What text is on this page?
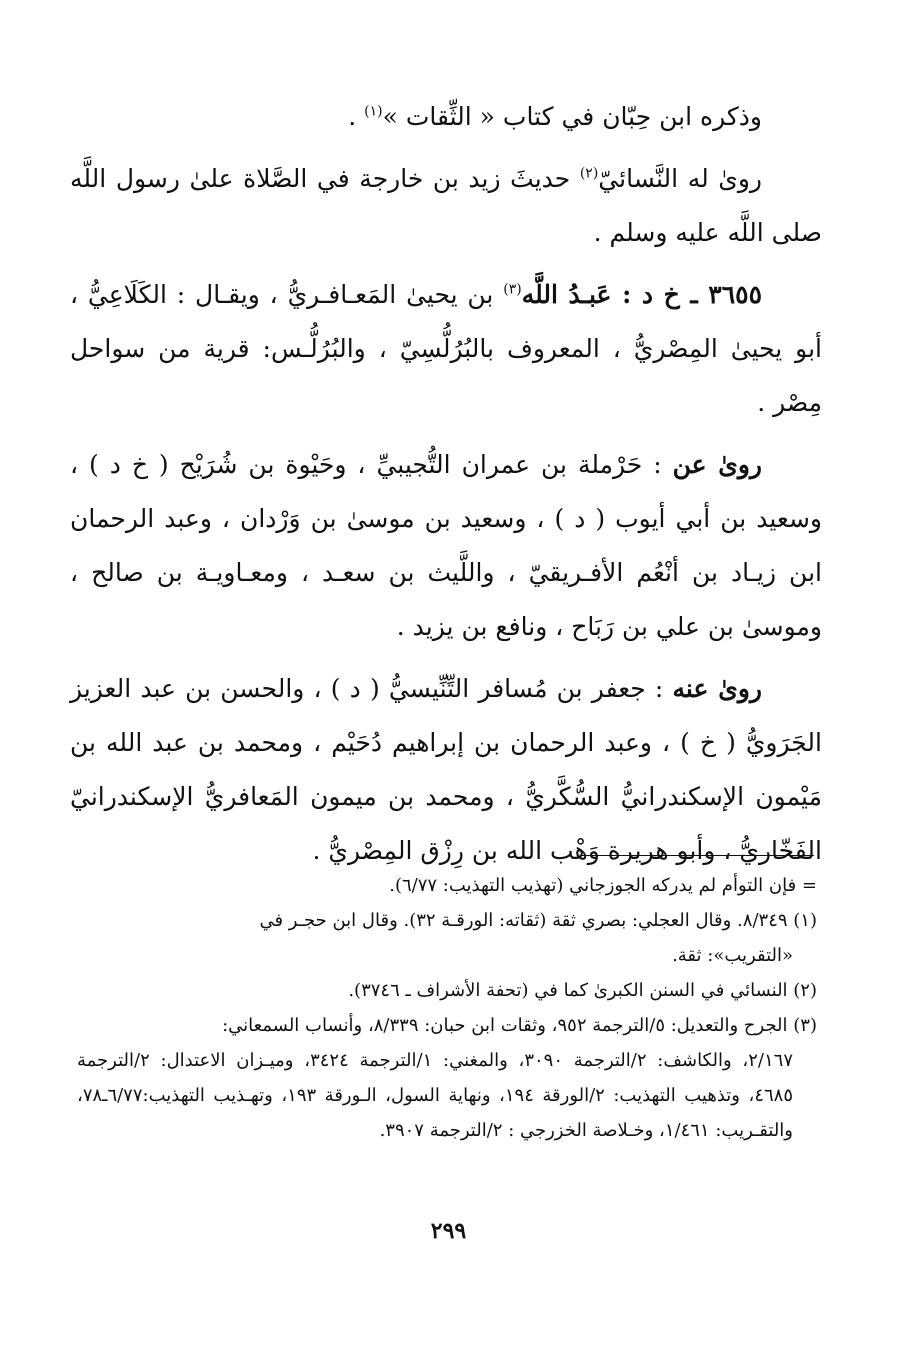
وذكره ابن حِبّان في كتاب « الثِّقات »$^{(١)}$ .

روىٰ له النَّسائيّ$^{(٢)}$ حديثَ زيد بن خارجة في الصَّلاة علىٰ رسول اللَّه صلى اللَّه عليه وسلم .

٣٦٥٥ ـ خ د : عَبـدُ اللَّه$^{(٣)}$ بن يحيىٰ المَعـافـريُّ ، ويقـال : الكَلَاعِيُّ ، أبو يحيىٰ المِصْريُّ ، المعروف بالبُرُلُّسِيّ ، والبُرُلُّـس: قرية من سواحل مِصْر .

روىٰ عن : حَرْملة بن عمران التُّجيبيِّ ، وحَيْوة بن شُرَيْح ( خ د ) ، وسعيد بن أبي أيوب ( د ) ، وسعيد بن موسىٰ بن وَرْدان ، وعبد الرحمان ابن زيـاد بن أنْعُم الأفـريقيّ ، واللَّيث بن سعـد ، ومعـاويـة بن صالح ، وموسىٰ بن علي بن رَبَاح ، ونافع بن يزيد .

روىٰ عنه : جعفر بن مُسافر التِّنِّيسيُّ ( د ) ، والحسن بن عبد العزيز الجَرَويُّ ( خ ) ، وعبد الرحمان بن إبراهيم دُحَيْم ، ومحمد بن عبد الله بن مَيْمون الإسكندرانيُّ السُّكَّريُّ ، ومحمد بن ميمون المَعافريُّ الإسكندرانيّ الفَخّاريُّ ، وأبو هريرة وَهْب الله بن رِزْق المِصْريُّ .

= فإن التوأم لم يدركه الجوزجاني (تهذيب التهذيب: ٦/٧٧).

(١) ٨/٣٤٩. وقال العجلي: بصري ثقة (ثقاته: الورقـة ٣٢). وقال ابن حجـر في

«التقريب»: ثقة.

(٢) النسائي في السنن الكبرىٰ كما في (تحفة الأشراف ـ ٣٧٤٦).

(٣) الجرح والتعديل: ٥/الترجمة ٩٥٢، وثقات ابن حبان: ٨/٣٣٩، وأنساب السمعاني:

٢/١٦٧، والكاشف: ٢/الترجمة ٣٠٩٠، والمغني: ١/الترجمة ٣٤٢٤، وميـزان الاعتدال: ٢/الترجمة ٤٦٨٥، وتذهيب التهذيب: ٢/الورقة ١٩٤، ونهاية السول، الـورقة ١٩٣، وتهـذيب التهذيب:٦/٧٧ـ٧٨، والتقـريب: ١/٤٦١، وخـلاصة الخزرجي : ٢/الترجمة ٣٩٠٧.

٢٩٩
